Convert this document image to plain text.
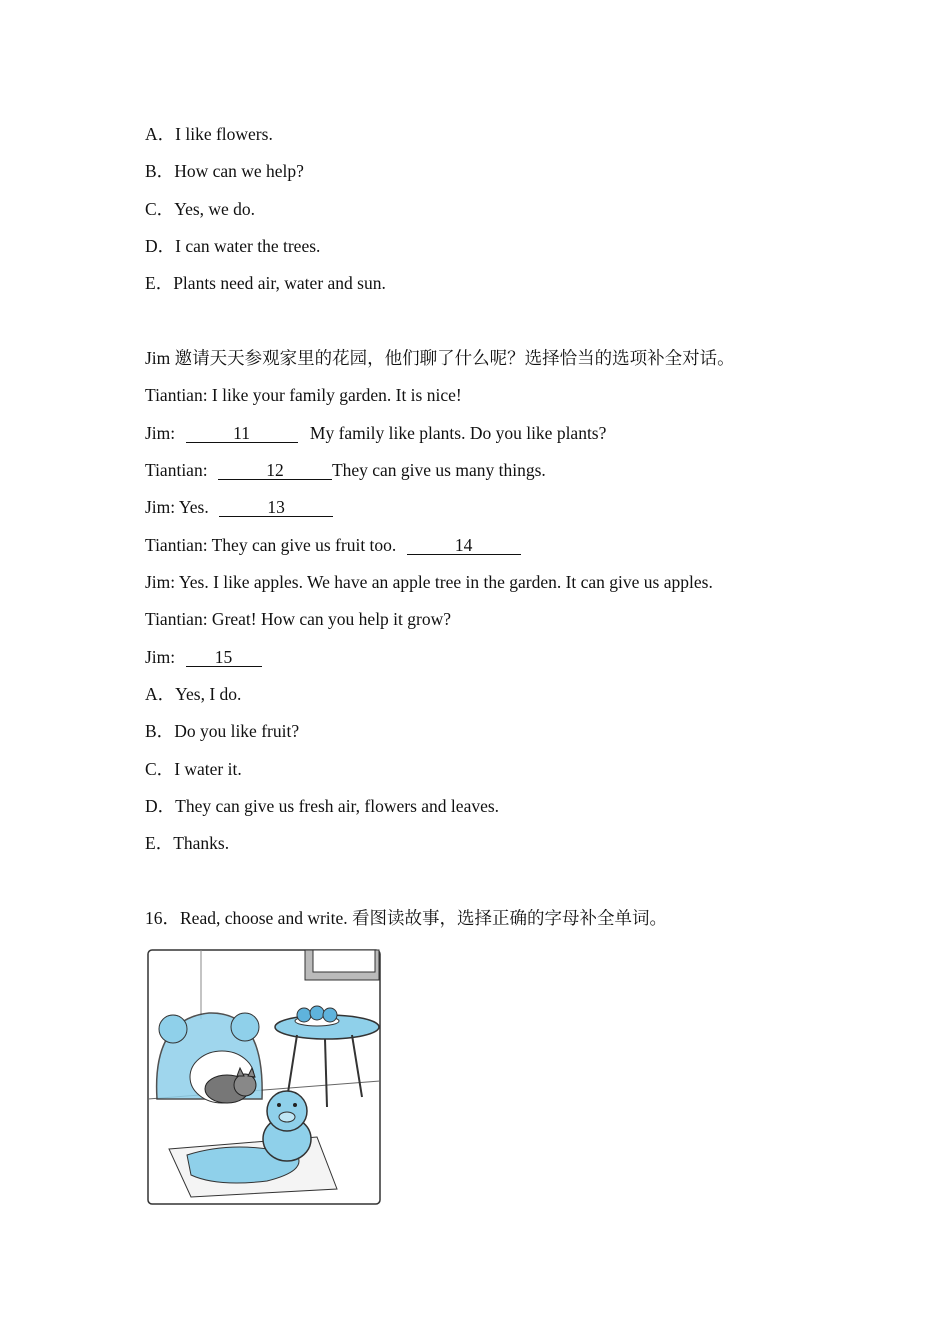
A．I like flowers.
B．How can we help?
C．Yes, we do.
D．I can water the trees.
E．Plants need air, water and sun.
Jim 邀请天天参观家里的花园，他们聊了什么呢？选择恰当的选项补全对话。
Tiantian: I like your family garden. It is nice!
Jim:	11	My family like plants. Do you like plants?
Tiantian:	12	They can give us many things.
Jim: Yes.	13
Tiantian: They can give us fruit too.	14
Jim: Yes. I like apples. We have an apple tree in the garden. It can give us apples.
Tiantian: Great! How can you help it grow?
Jim: 15
A．Yes, I do.
B．Do you like fruit?
C．I water it.
D．They can give us fresh air, flowers and leaves.
E．Thanks.
16．Read, choose and write. 看图读故事，选择正确的字母补全单词。
